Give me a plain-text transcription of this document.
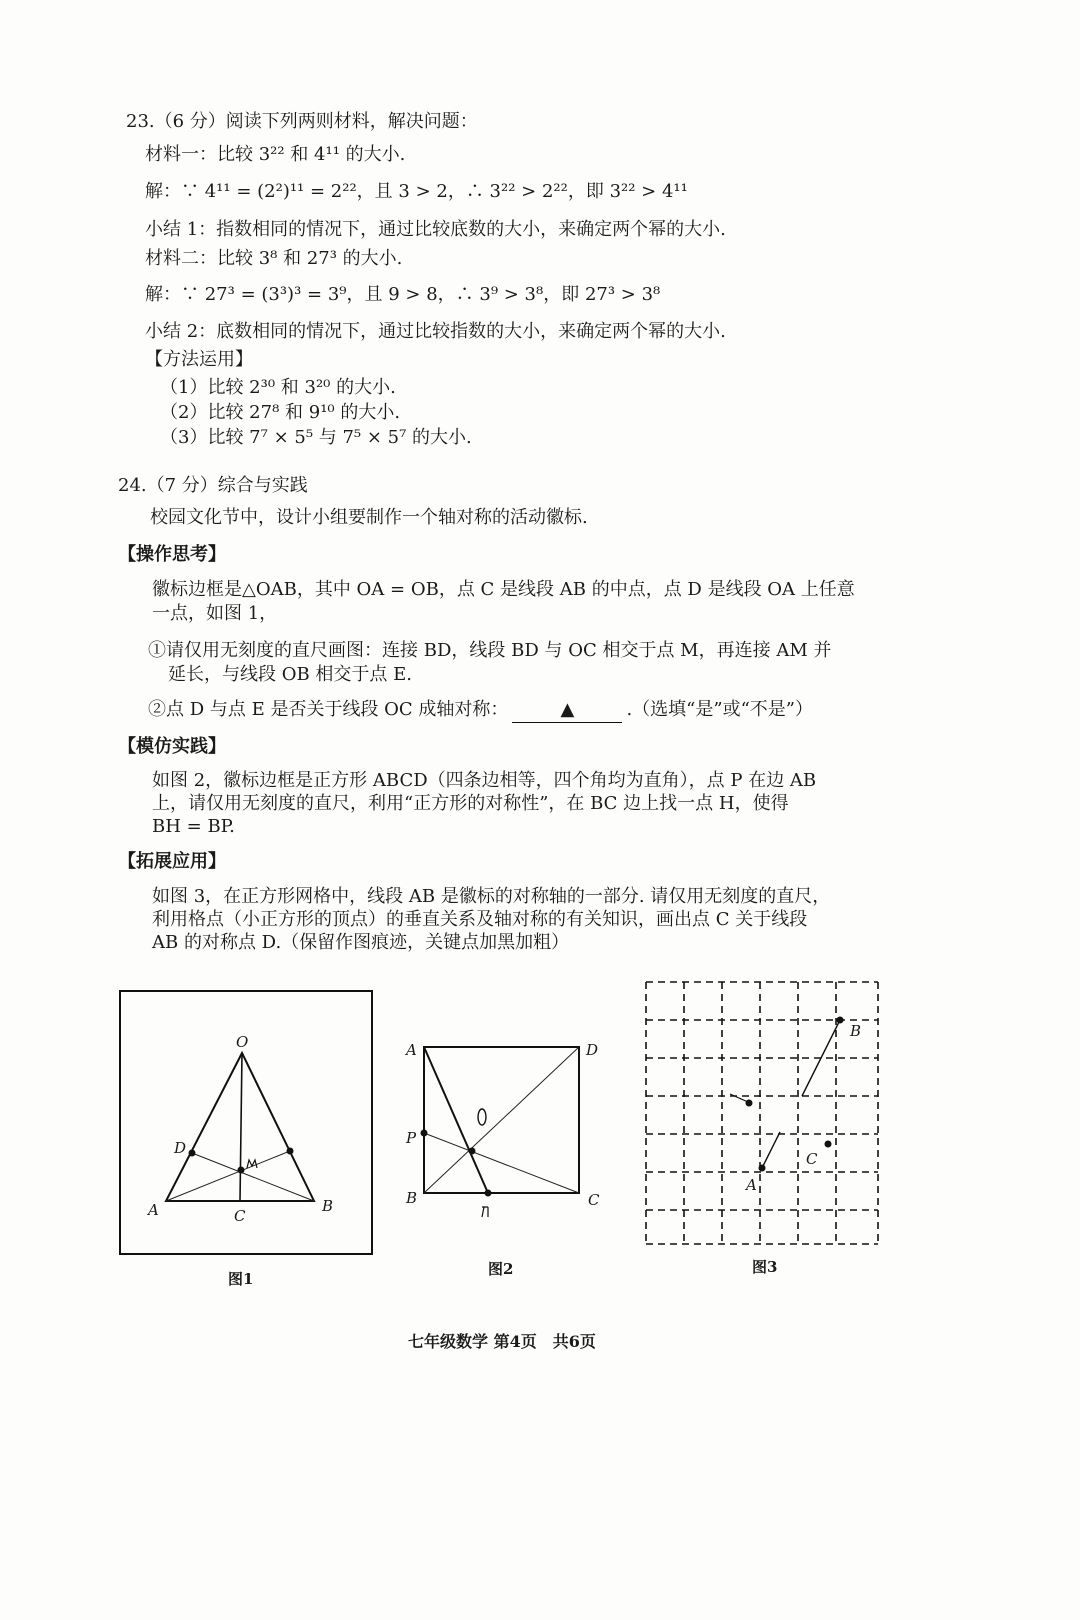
23.（6 分）阅读下列两则材料，解决问题：
材料一：比较 3²² 和 4¹¹ 的大小.
解：∵ 4¹¹ = (2²)¹¹ = 2²²，且 3 > 2，∴ 3²² > 2²²，即 3²² > 4¹¹
小结 1：指数相同的情况下，通过比较底数的大小，来确定两个幂的大小.
材料二：比较 3⁸ 和 27³ 的大小.
解：∵ 27³ = (3³)³ = 3⁹，且 9 > 8，∴ 3⁹ > 3⁸，即 27³ > 3⁸
小结 2：底数相同的情况下，通过比较指数的大小，来确定两个幂的大小.
【方法运用】
（1）比较 2³⁰ 和 3²⁰ 的大小.
（2）比较 27⁸ 和 9¹⁰ 的大小.
（3）比较 7⁷ × 5⁵ 与 7⁵ × 5⁷ 的大小.
24.（7 分）综合与实践
校园文化节中，设计小组要制作一个轴对称的活动徽标.
【操作思考】
徽标边框是△OAB，其中 OA = OB，点 C 是线段 AB 的中点，点 D 是线段 OA 上任意
一点，如图 1，
①请仅用无刻度的直尺画图：连接 BD，线段 BD 与 OC 相交于点 M，再连接 AM 并
延长，与线段 OB 相交于点 E.
②点 D 与点 E 是否关于线段 OC 成轴对称：	▲	.（选填“是”或“不是”）
【模仿实践】
如图 2，徽标边框是正方形 ABCD（四条边相等，四个角均为直角），点 P 在边 AB
上，请仅用无刻度的直尺，利用“正方形的对称性”，在 BC 边上找一点 H，使得
BH = BP.
【拓展应用】
如图 3，在正方形网格中，线段 AB 是徽标的对称轴的一部分. 请仅用无刻度的直尺，
利用格点（小正方形的顶点）的垂直关系及轴对称的有关知识，画出点 C 关于线段
AB 的对称点 D.（保留作图痕迹，关键点加黑加粗）
O
D
A	C
B
图1
A	D
P
B	C
图2
B
A
C
图3
七年级数学 第4页　共6页
